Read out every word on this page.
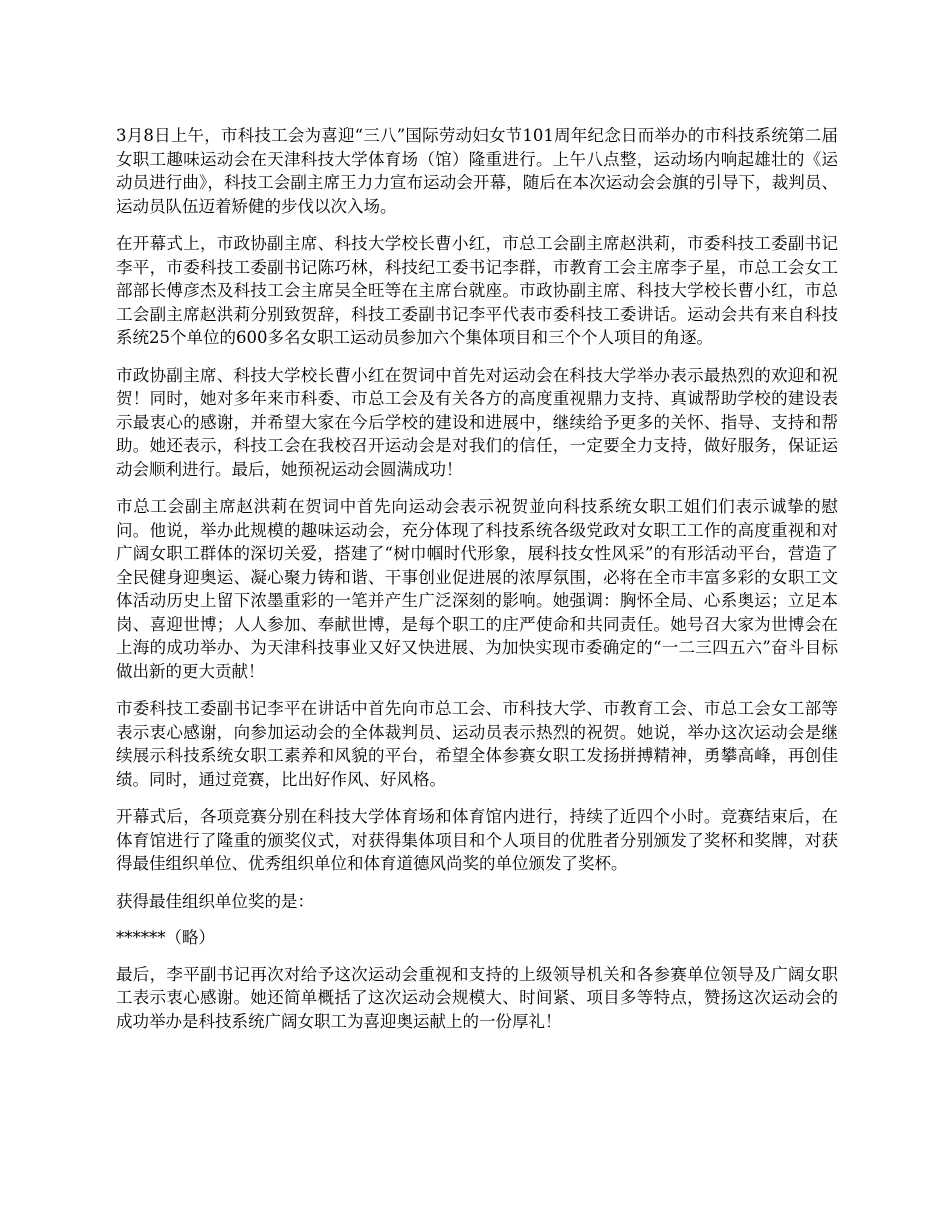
3月8日上午，市科技工会为喜迎“三八”国际劳动妇女节101周年纪念日而举办的市科技系统第二届女职工趣味运动会在天津科技大学体育场（馆）隆重进行。上午八点整，运动场内响起雄壮的《运动员进行曲》，科技工会副主席王力力宣布运动会开幕，随后在本次运动会会旗的引导下，裁判员、运动员队伍迈着矫健的步伐以次入场。

在开幕式上，市政协副主席、科技大学校长曹小红，市总工会副主席赵洪莉，市委科技工委副书记李平，市委科技工委副书记陈巧林，科技纪工委书记李群，市教育工会主席李子星，市总工会女工部部长傅彦杰及科技工会主席吴全旺等在主席台就座。市政协副主席、科技大学校长曹小红，市总工会副主席赵洪莉分别致贺辞，科技工委副书记李平代表市委科技工委讲话。运动会共有来自科技系统25个单位的600多名女职工运动员参加六个集体项目和三个个人项目的角逐。

市政协副主席、科技大学校长曹小红在贺词中首先对运动会在科技大学举办表示最热烈的欢迎和祝贺！同时，她对多年来市科委、市总工会及有关各方的高度重视鼎力支持、真诚帮助学校的建设表示最衷心的感谢，并希望大家在今后学校的建设和进展中，继续给予更多的关怀、指导、支持和帮助。她还表示，科技工会在我校召开运动会是对我们的信任，一定要全力支持，做好服务，保证运动会顺利进行。最后，她预祝运动会圆满成功！

市总工会副主席赵洪莉在贺词中首先向运动会表示祝贺並向科技系统女职工姐们们表示诚挚的慰问。他说，举办此规模的趣味运动会，充分体现了科技系统各级党政对女职工工作的高度重视和对广阔女职工群体的深切关爱，搭建了“树巾帼时代形象，展科技女性风采”的有形活动平台，营造了全民健身迎奥运、凝心聚力铸和谐、干事创业促进展的浓厚氛围，必将在全市丰富多彩的女职工文体活动历史上留下浓墨重彩的一笔并产生广泛深刻的影响。她强调：胸怀全局、心系奥运；立足本岗、喜迎世博；人人参加、奉献世博，是每个职工的庄严使命和共同责任。她号召大家为世博会在上海的成功举办、为天津科技事业又好又快进展、为加快实现市委确定的“一二三四五六”奋斗目标做出新的更大贡献！

市委科技工委副书记李平在讲话中首先向市总工会、市科技大学、市教育工会、市总工会女工部等表示衷心感谢，向参加运动会的全体裁判员、运动员表示热烈的祝贺。她说，举办这次运动会是继续展示科技系统女职工素养和风貌的平台，希望全体参赛女职工发扬拼搏精神，勇攀高峰，再创佳绩。同时，通过竞赛，比出好作风、好风格。

开幕式后，各项竞赛分别在科技大学体育场和体育馆内进行，持续了近四个小时。竞赛结束后，在体育馆进行了隆重的颁奖仪式，对获得集体项目和个人项目的优胜者分别颁发了奖杯和奖牌，对获得最佳组织单位、优秀组织单位和体育道德风尚奖的单位颁发了奖杯。

获得最佳组织单位奖的是：

******（略）

最后，李平副书记再次对给予这次运动会重视和支持的上级领导机关和各参赛单位领导及广阔女职工表示衷心感谢。她还简单概括了这次运动会规模大、时间紧、项目多等特点，赞扬这次运动会的成功举办是科技系统广阔女职工为喜迎奥运献上的一份厚礼！
